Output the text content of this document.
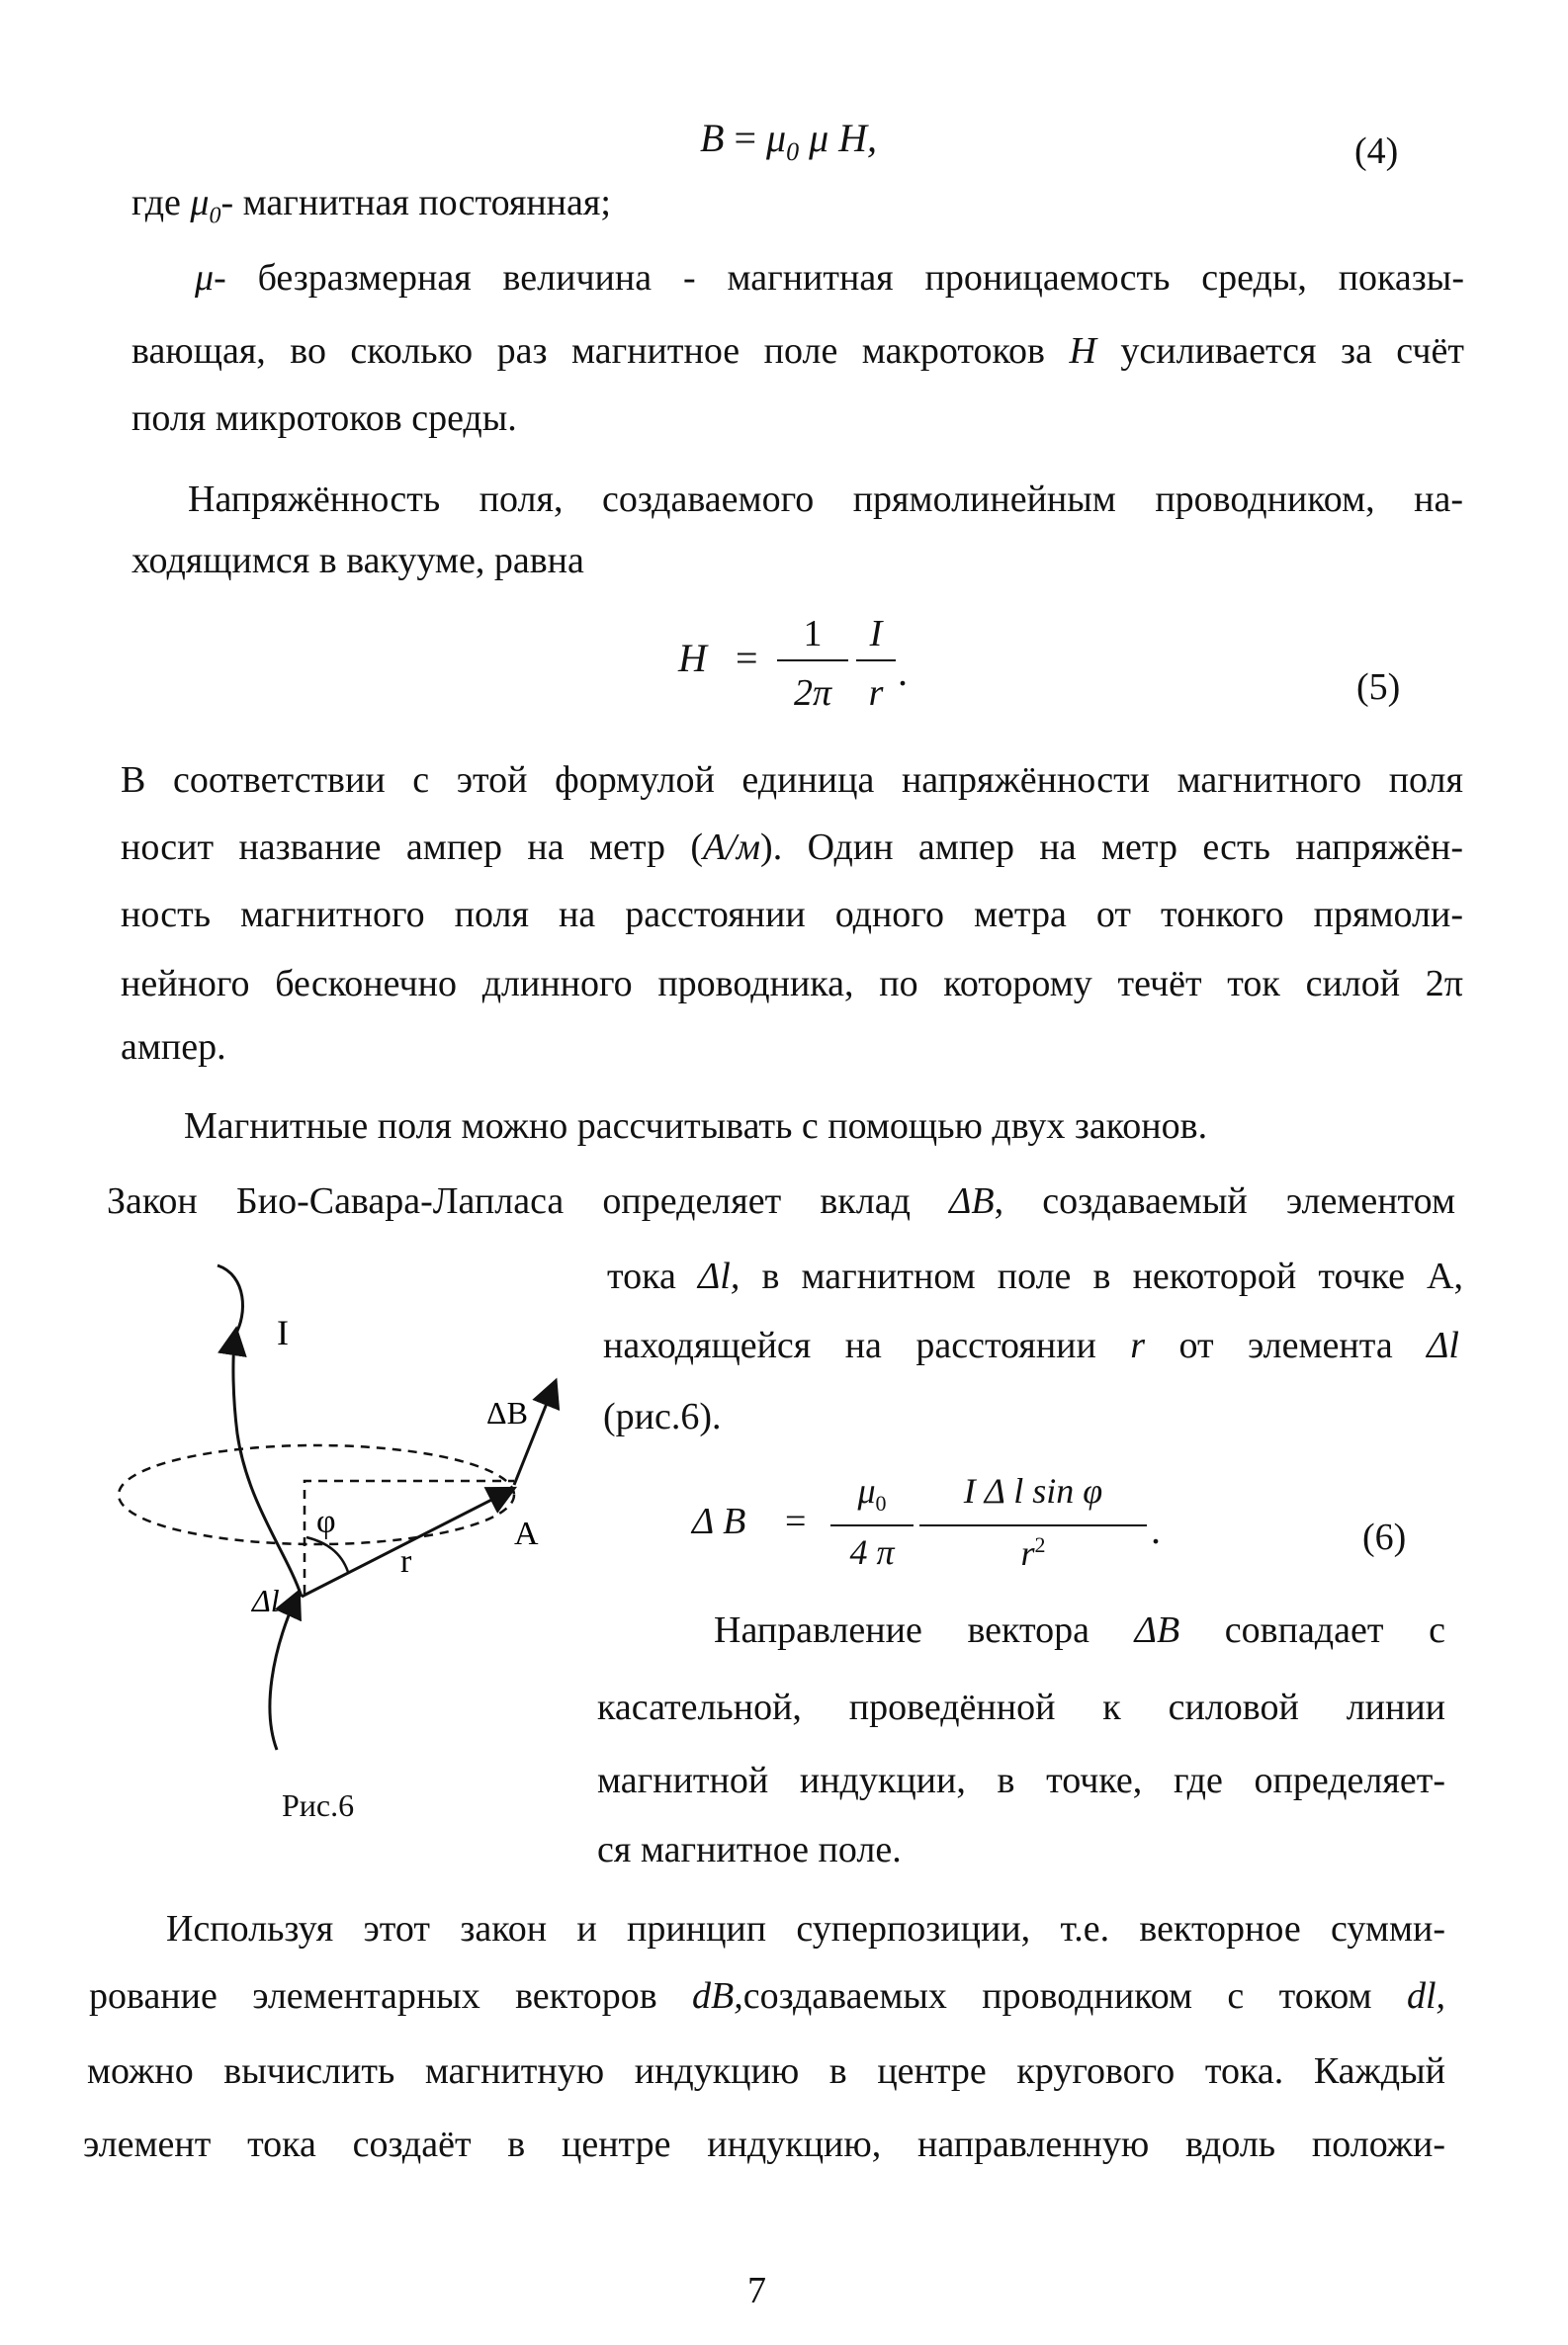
$B = \mu_0$ μ H,	(4)
где $\mu_0-$ магнитная постоянная;
μ- безразмерная величина - магнитная проницаемость среды, показы-
вающая, во сколько раз магнитное поле макротоков H усиливается за счёт
поля микротоков среды.
Напряжённость поля, создаваемого прямолинейным проводником, на-
ходящимся в вакууме, равна
H =
1
2π
I
r .	(5)
В соответствии с этой формулой единица напряжённости магнитного поля
носит название ампер на метр (А/м). Один ампер на метр есть напряжён-
ность магнитного поля на расстоянии одного метра от тонкого прямоли-
нейного бесконечно длинного проводника, по которому течёт ток силой 2π
ампер.
Магнитные поля можно рассчитывать с помощью двух законов.
Закон Био-Савара-Лапласа определяет вклад ΔB, создаваемый элементом
тока Δl, в магнитном поле в некоторой точке А,
находящейся на расстоянии r от элемента Δl
(рис.6).
I
ΔB
φ	A
r
Δl
Рис.6
Δ B =
$\mu_0$
4 π
I Δ l sin φ
$r^2$	.	(6)
Направление вектора ΔB совпадает с
касательной, проведённой к силовой линии
магнитной индукции, в точке, где определяет-
ся магнитное поле.
Используя этот закон и принцип суперпозиции, т.е. векторное сумми-
рование элементарных векторов dB,создаваемых проводником с током dl,
можно вычислить магнитную индукцию в центре кругового тока. Каждый
элемент тока создаёт в центре индукцию, направленную вдоль положи-
7
